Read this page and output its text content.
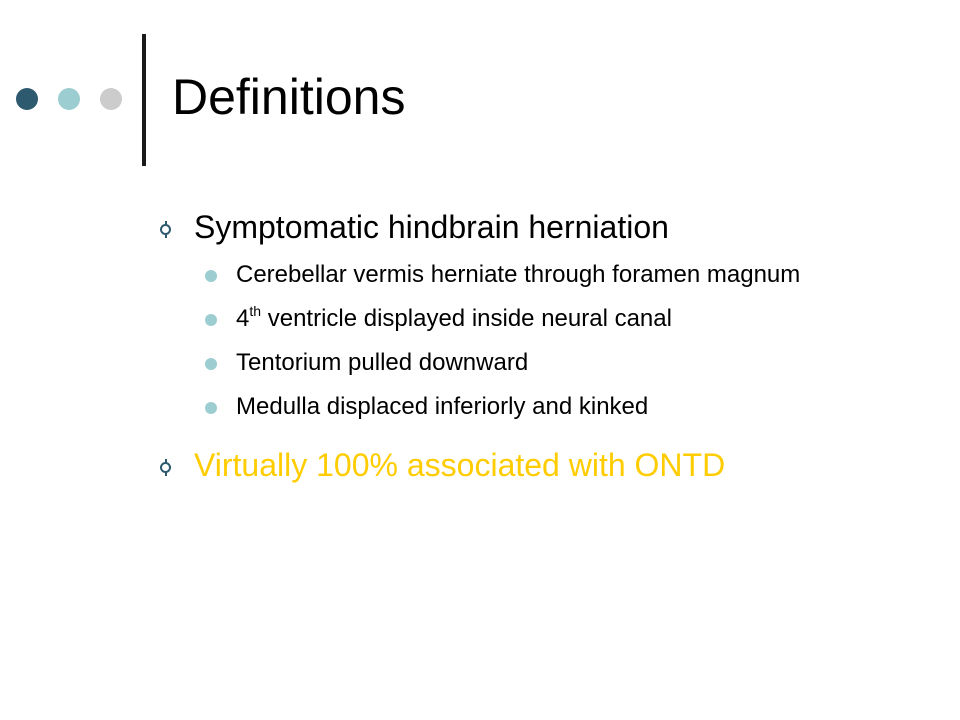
Definitions
Symptomatic hindbrain herniation
Cerebellar vermis herniate through foramen magnum
4th ventricle displayed inside neural canal
Tentorium pulled downward
Medulla displaced inferiorly and kinked
Virtually 100% associated with ONTD
